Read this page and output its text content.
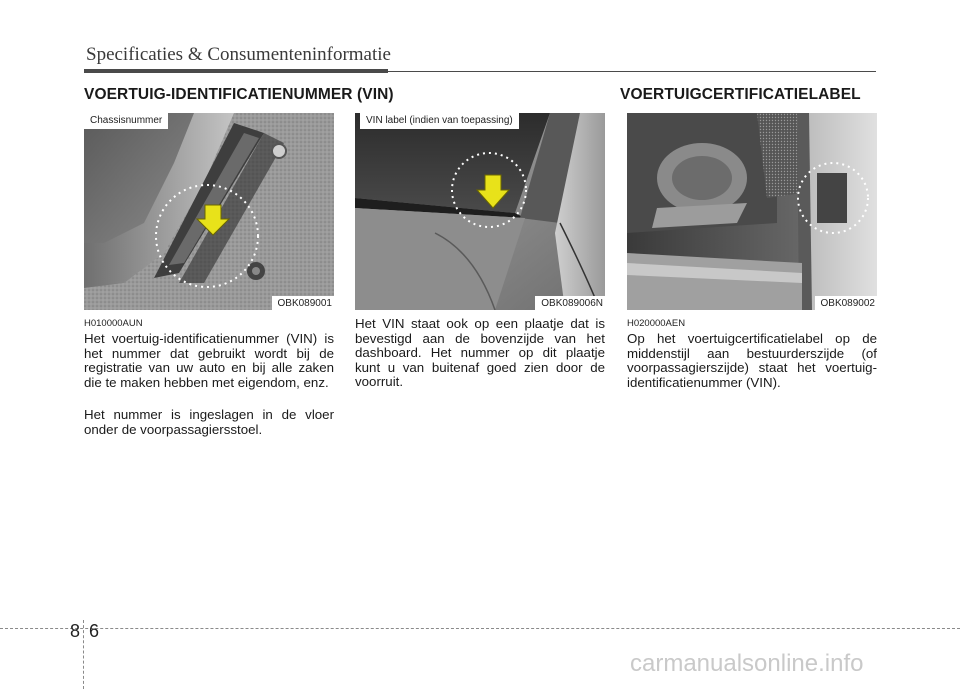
Specificaties & Consumenteninformatie
VOERTUIG-IDENTIFICATIENUMMER (VIN)	VOERTUIGCERTIFICATIELABEL
Chassisnummer
OBK089001
VIN label (indien van toepassing)
OBK089006N	OBK089002
H010000AUN
Het voertuig-identificatienummer (VIN) is het nummer dat gebruikt wordt bij de registratie van uw auto en bij alle zaken die te maken hebben met eigendom, enz.
Het nummer is ingeslagen in de vloer onder de voorpassagiersstoel.
Het VIN staat ook op een plaatje dat is bevestigd aan de bovenzijde van het dashboard. Het nummer op dit plaatje kunt u van buitenaf goed zien door de voorruit.
H020000AEN
Op het voertuigcertificatielabel op de middenstijl aan bestuurderszijde (of voorpassagierszijde) staat het voertuig-identificatienummer (VIN).
8 6
carmanualsonline.info
